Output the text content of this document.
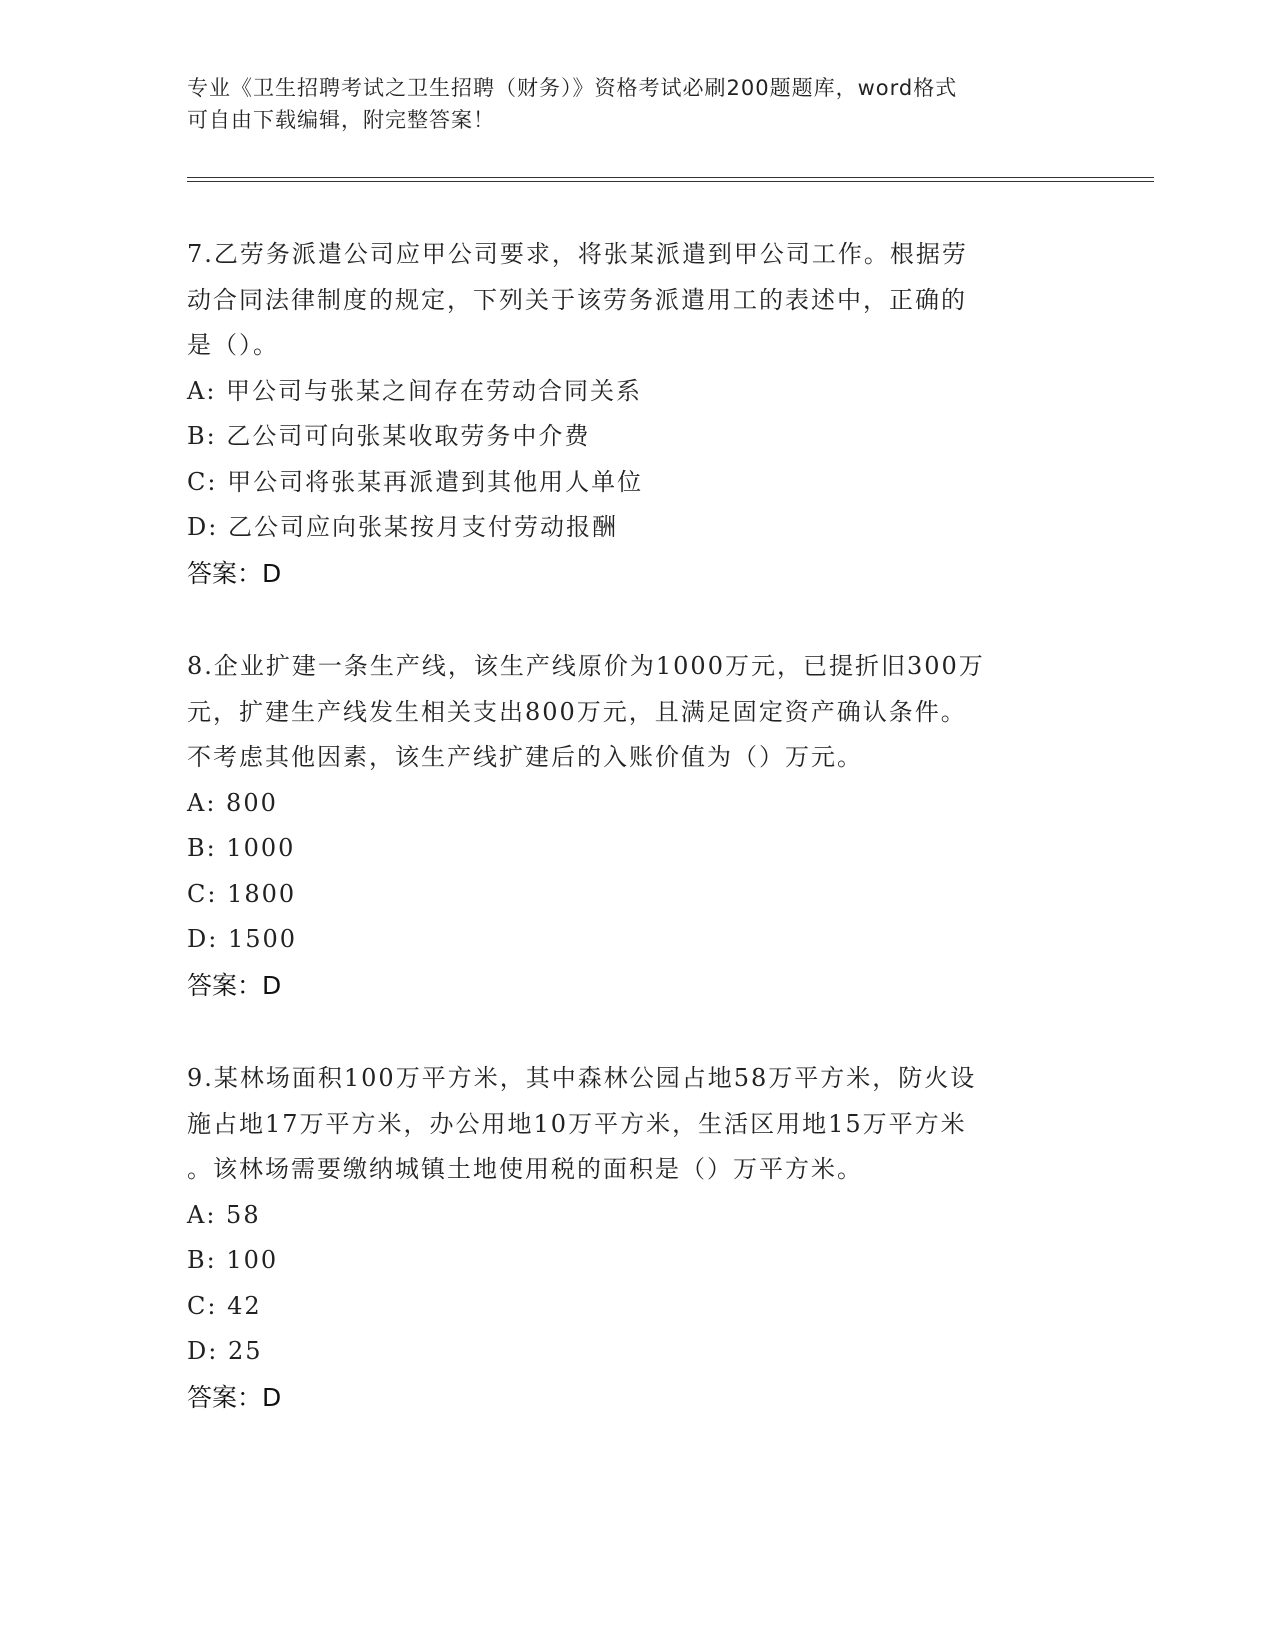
专业《卫生招聘考试之卫生招聘（财务）》资格考试必刷200题题库，word格式
可自由下载编辑，附完整答案！

7.乙劳务派遣公司应甲公司要求，将张某派遣到甲公司工作。根据劳

动合同法律制度的规定，下列关于该劳务派遣用工的表述中，正确的

是（）。

A: 甲公司与张某之间存在劳动合同关系

B: 乙公司可向张某收取劳务中介费

C: 甲公司将张某再派遣到其他用人单位

D: 乙公司应向张某按月支付劳动报酬

答案：D

8.企业扩建一条生产线，该生产线原价为1000万元，已提折旧300万

元，扩建生产线发生相关支出800万元，且满足固定资产确认条件。

不考虑其他因素，该生产线扩建后的入账价值为（）万元。

A: 800

B: 1000

C: 1800

D: 1500

答案：D

9.某林场面积100万平方米，其中森林公园占地58万平方米，防火设

施占地17万平方米，办公用地10万平方米，生活区用地15万平方米

。该林场需要缴纳城镇土地使用税的面积是（）万平方米。

A: 58

B: 100

C: 42

D: 25

答案：D
